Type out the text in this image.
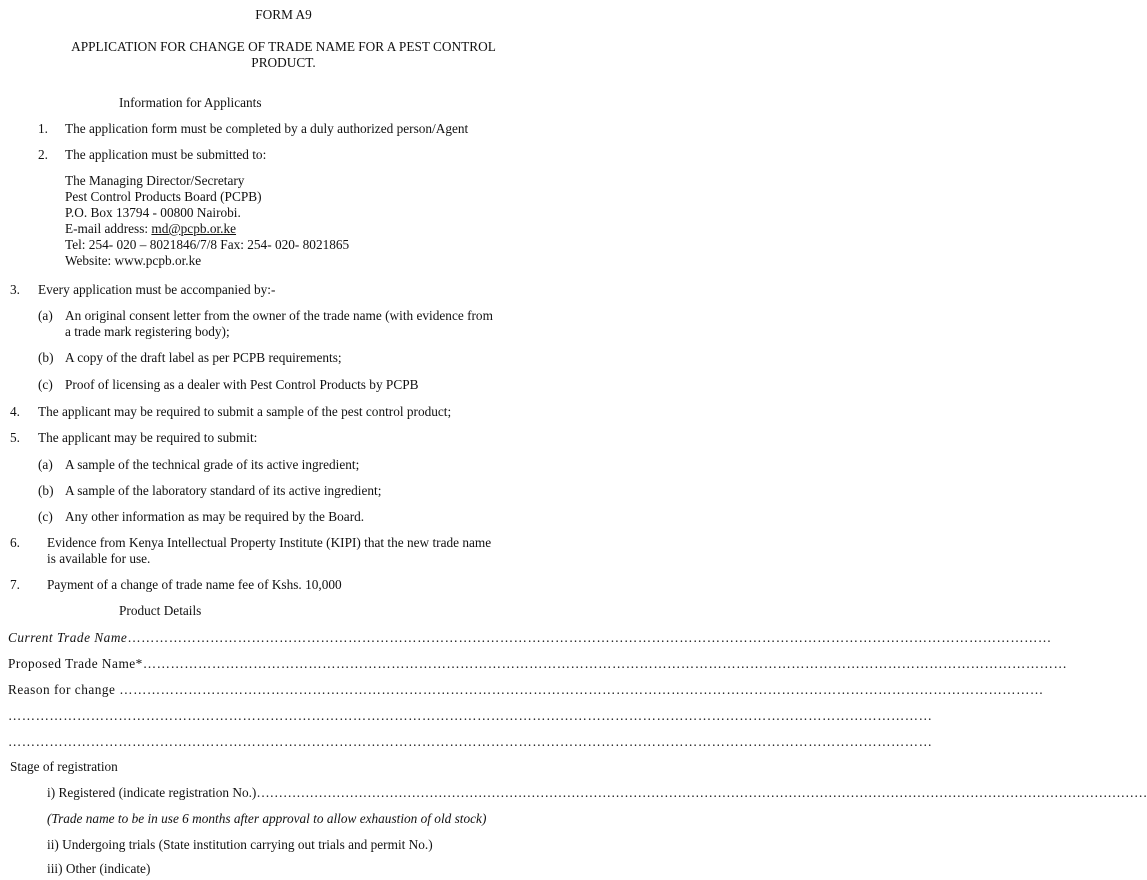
FORM A9
APPLICATION FOR CHANGE OF TRADE NAME FOR A PEST CONTROL
PRODUCT.
Information for Applicants
1. The application form must be completed by a duly authorized person/Agent
2. The application must be submitted to:
The Managing Director/Secretary
Pest Control Products Board (PCPB)
P.O. Box 13794 - 00800 Nairobi.
E-mail address: md@pcpb.or.ke
Tel: 254- 020 – 8021846/7/8 Fax: 254- 020- 8021865
Website: www.pcpb.or.ke
3. Every application must be accompanied by:-
(a) An original consent letter from the owner of the trade name (with evidence from
a trade mark registering body);
(b) A copy of the draft label as per PCPB requirements;
(c) Proof of licensing as a dealer with Pest Control Products by PCPB
4. The applicant may be required to submit a sample of the pest control product;
5. The applicant may be required to submit:
(a) A sample of the technical grade of its active ingredient;
(b) A sample of the laboratory standard of its active ingredient;
(c) Any other information as may be required by the Board.
6. Evidence from Kenya Intellectual Property Institute (KIPI) that the new trade name
is available for use.
7. Payment of a change of trade name fee of Kshs. 10,000
Product Details
Current Trade Name…………………………………………………………………………………………………………………………………………………………………………………
Proposed Trade Name*…………………………………………………………………………………………………………………………………………………………………………………
Reason for change …………………………………………………………………………………………………………………………………………………………………………………
…………………………………………………………………………………………………………………………………………………………………………………
…………………………………………………………………………………………………………………………………………………………………………………
Stage of registration
i) Registered (indicate registration No.)…………………………………………………………………………………………………………………………………………………………………………………
(Trade name to be in use 6 months after approval to allow exhaustion of old stock)
ii) Undergoing trials (State institution carrying out trials and permit No.)
iii) Other (indicate)
